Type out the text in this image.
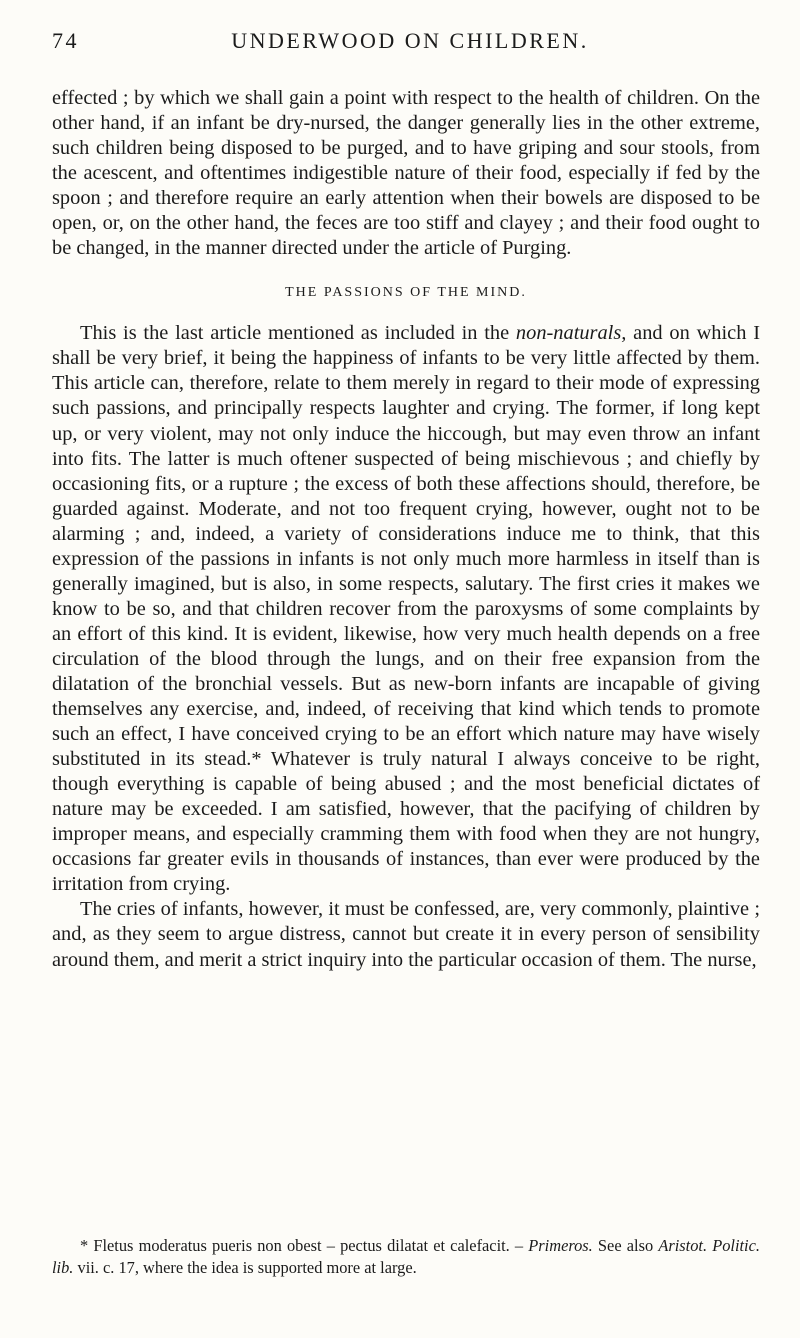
74	UNDERWOOD ON CHILDREN.

effected ; by which we shall gain a point with respect to the health of children. On the other hand, if an infant be dry-nursed, the danger generally lies in the other extreme, such children being disposed to be purged, and to have griping and sour stools, from the acescent, and oftentimes indigestible nature of their food, especially if fed by the spoon ; and therefore require an early attention when their bowels are disposed to be open, or, on the other hand, the feces are too stiff and clayey ; and their food ought to be changed, in the manner directed under the article of Purging.

THE PASSIONS OF THE MIND.

This is the last article mentioned as included in the non-naturals, and on which I shall be very brief, it being the happiness of infants to be very little affected by them. This article can, therefore, relate to them merely in regard to their mode of expressing such passions, and principally respects laughter and crying. The former, if long kept up, or very violent, may not only induce the hiccough, but may even throw an infant into fits. The latter is much oftener suspected of being mischievous ; and chiefly by occasioning fits, or a rupture ; the excess of both these affections should, therefore, be guarded against. Moderate, and not too frequent crying, however, ought not to be alarming ; and, indeed, a variety of considerations induce me to think, that this expression of the passions in infants is not only much more harmless in itself than is generally imagined, but is also, in some respects, salutary. The first cries it makes we know to be so, and that children recover from the paroxysms of some complaints by an effort of this kind. It is evident, likewise, how very much health depends on a free circulation of the blood through the lungs, and on their free expansion from the dilatation of the bronchial vessels. But as new-born infants are incapable of giving themselves any exercise, and, indeed, of receiving that kind which tends to promote such an effect, I have conceived crying to be an effort which nature may have wisely substituted in its stead.* Whatever is truly natural I always conceive to be right, though everything is capable of being abused ; and the most beneficial dictates of nature may be exceeded. I am satisfied, however, that the pacifying of children by improper means, and especially cramming them with food when they are not hungry, occasions far greater evils in thousands of instances, than ever were produced by the irritation from crying.

The cries of infants, however, it must be confessed, are, very commonly, plaintive ; and, as they seem to argue distress, cannot but create it in every person of sensibility around them, and merit a strict inquiry into the particular occasion of them. The nurse,

* Fletus moderatus pueris non obest – pectus dilatat et calefacit. – Primeros. See also Aristot. Politic. lib. vii. c. 17, where the idea is supported more at large.
